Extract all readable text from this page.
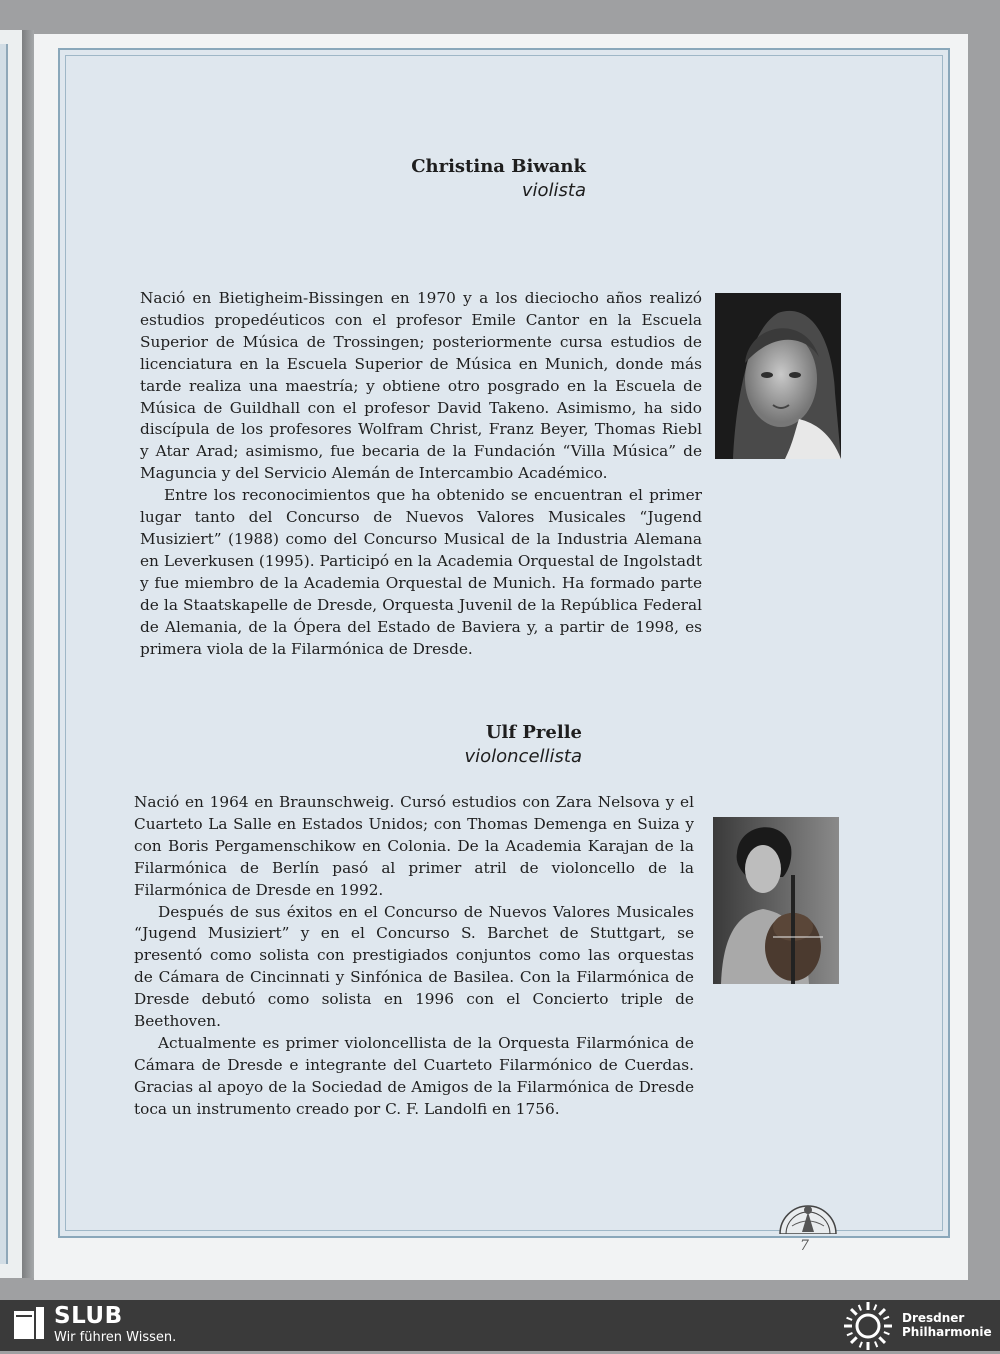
Christina Biwank
violista

Nació en Bietigheim-Bissingen en 1970 y a los dieciocho años realizó estudios propedéuticos con el profesor Emile Cantor en la Escuela Superior de Música de Trossingen; posteriormente cursa estudios de licenciatura en la Escuela Superior de Música en Munich, donde más tarde realiza una maestría; y obtiene otro posgrado en la Escuela de Música de Guildhall con el profesor David Takeno. Asimismo, ha sido discípula de los profesores Wolfram Christ, Franz Beyer, Thomas Riebl y Atar Arad; asimismo, fue becaria de la Fundación “Villa Música” de Maguncia y del Servicio Alemán de Intercambio Académico.

Entre los reconocimientos que ha obtenido se encuentran el primer lugar tanto del Concurso de Nuevos Valores Musicales “Jugend Musiziert” (1988) como del Concurso Musical de la Industria Alemana en Leverkusen (1995). Participó en la Academia Orquestal de Ingolstadt y fue miembro de la Academia Orquestal de Munich. Ha formado parte de la Staatskapelle de Dresde, Orquesta Juvenil de la República Federal de Alemania, de la Ópera del Estado de Baviera y, a partir de 1998, es primera viola de la Filarmónica de Dresde.

Ulf Prelle
violoncellista

Nació en 1964 en Braunschweig. Cursó estudios con Zara Nelsova y el Cuarteto La Salle en Estados Unidos; con Thomas Demenga en Suiza y con Boris Pergamenschikow en Colonia. De la Academia Karajan de la Filarmónica de Berlín pasó al primer atril de violoncello de la Filarmónica de Dresde en 1992.

Después de sus éxitos en el Concurso de Nuevos Valores Musicales “Jugend Musiziert” y en el Concurso S. Barchet de Stuttgart, se presentó como solista con prestigiados conjuntos como las orquestas de Cámara de Cincinnati y Sinfónica de Basilea. Con la Filarmónica de Dresde debutó como solista en 1996 con el Concierto triple de Beethoven.

Actualmente es primer violoncellista de la Orquesta Filarmónica de Cámara de Dresde e integrante del Cuarteto Filarmónico de Cuerdas. Gracias al apoyo de la Sociedad de Amigos de la Filarmónica de Dresde toca un instrumento creado por C. F. Landolfi en 1756.

7
SLUB
Wir führen Wissen.
Dresdner
Philharmonie
